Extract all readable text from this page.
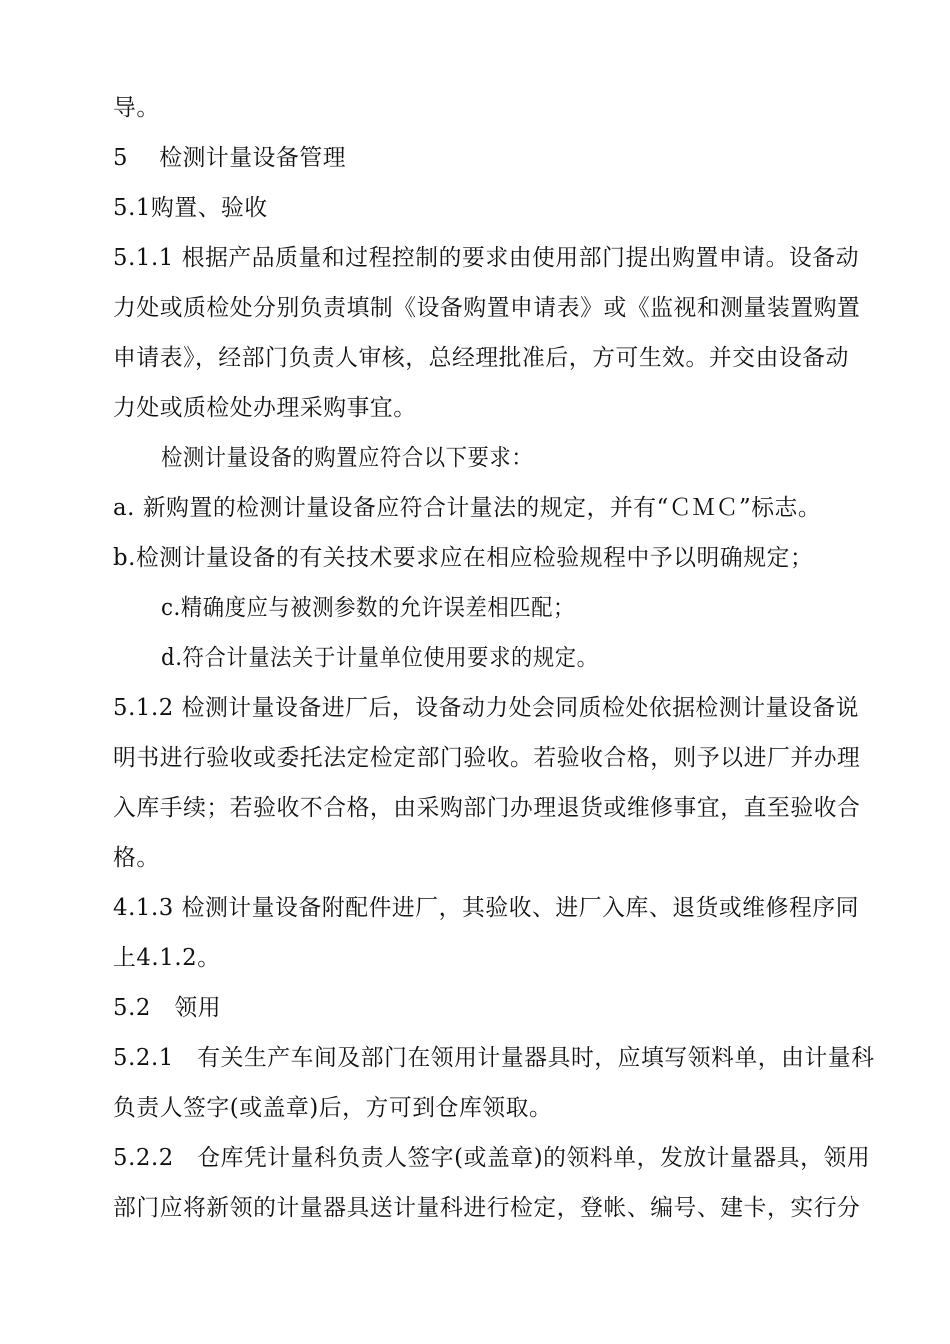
导。
5　 检测计量设备管理
5.1购置、验收
5.1.1 根据产品质量和过程控制的要求由使用部门提出购置申请。设备动
力处或质检处分别负责填制《设备购置申请表》或《监视和测量装置购置
申请表》，经部门负责人审核，总经理批准后，方可生效。并交由设备动
力处或质检处办理采购事宜。
检测计量设备的购置应符合以下要求：
a. 新购置的检测计量设备应符合计量法的规定，并有“ＣＭＣ”标志。
b.检测计量设备的有关技术要求应在相应检验规程中予以明确规定；
c.精确度应与被测参数的允许误差相匹配；
d.符合计量法关于计量单位使用要求的规定。
5.1.2 检测计量设备进厂后，设备动力处会同质检处依据检测计量设备说
明书进行验收或委托法定检定部门验收。若验收合格，则予以进厂并办理
入库手续；若验收不合格，由采购部门办理退货或维修事宜，直至验收合
格。
4.1.3 检测计量设备附配件进厂，其验收、进厂入库、退货或维修程序同
上4.1.2。
5.2　领用
5.2.1　有关生产车间及部门在领用计量器具时，应填写领料单，由计量科
负责人签字(或盖章)后，方可到仓库领取。
5.2.2　仓库凭计量科负责人签字(或盖章)的领料单，发放计量器具，领用
部门应将新领的计量器具送计量科进行检定，登帐、编号、建卡，实行分
